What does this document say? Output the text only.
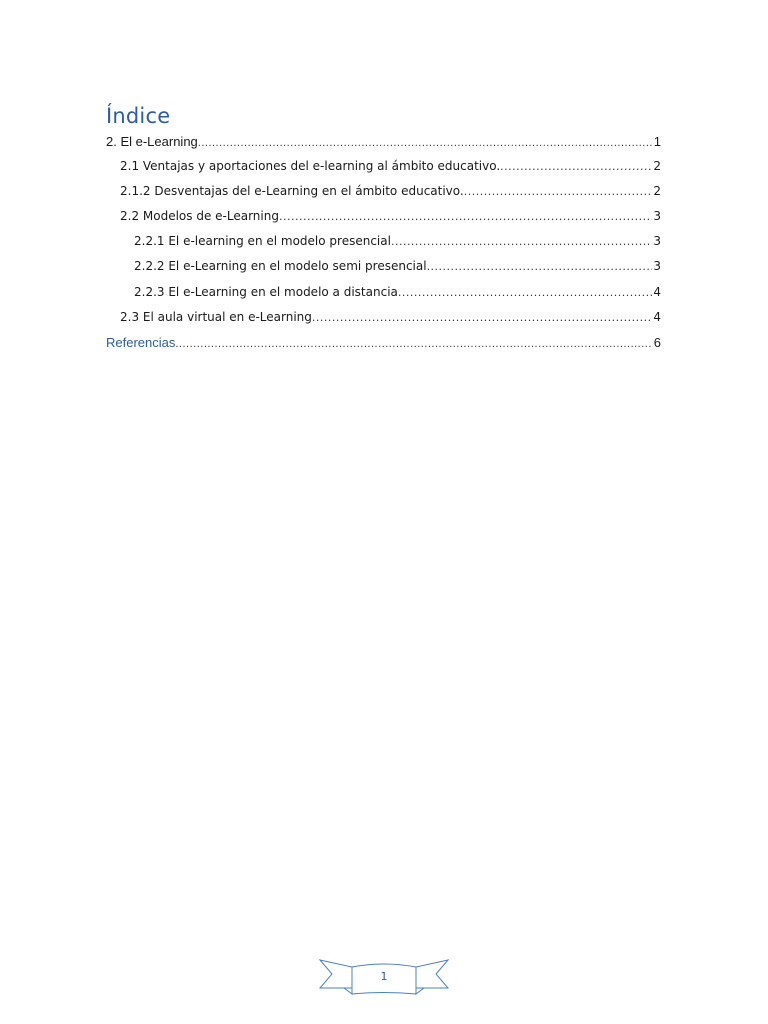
Índice
2. El e-Learning .....	1
2.1 Ventajas y aportaciones del e-learning al ámbito educativo. .....	2
2.1.2 Desventajas del e-Learning en el ámbito educativo. .....	2
2.2 Modelos de e-Learning .....	3
2.2.1 El e-learning en el modelo presencial .....	3
2.2.2 El e-Learning en el modelo semi presencial .....	3
2.2.3 El e-Learning en el modelo a distancia .....	4
2.3 El aula virtual en e-Learning .....	4
Referencias .....	6
1
